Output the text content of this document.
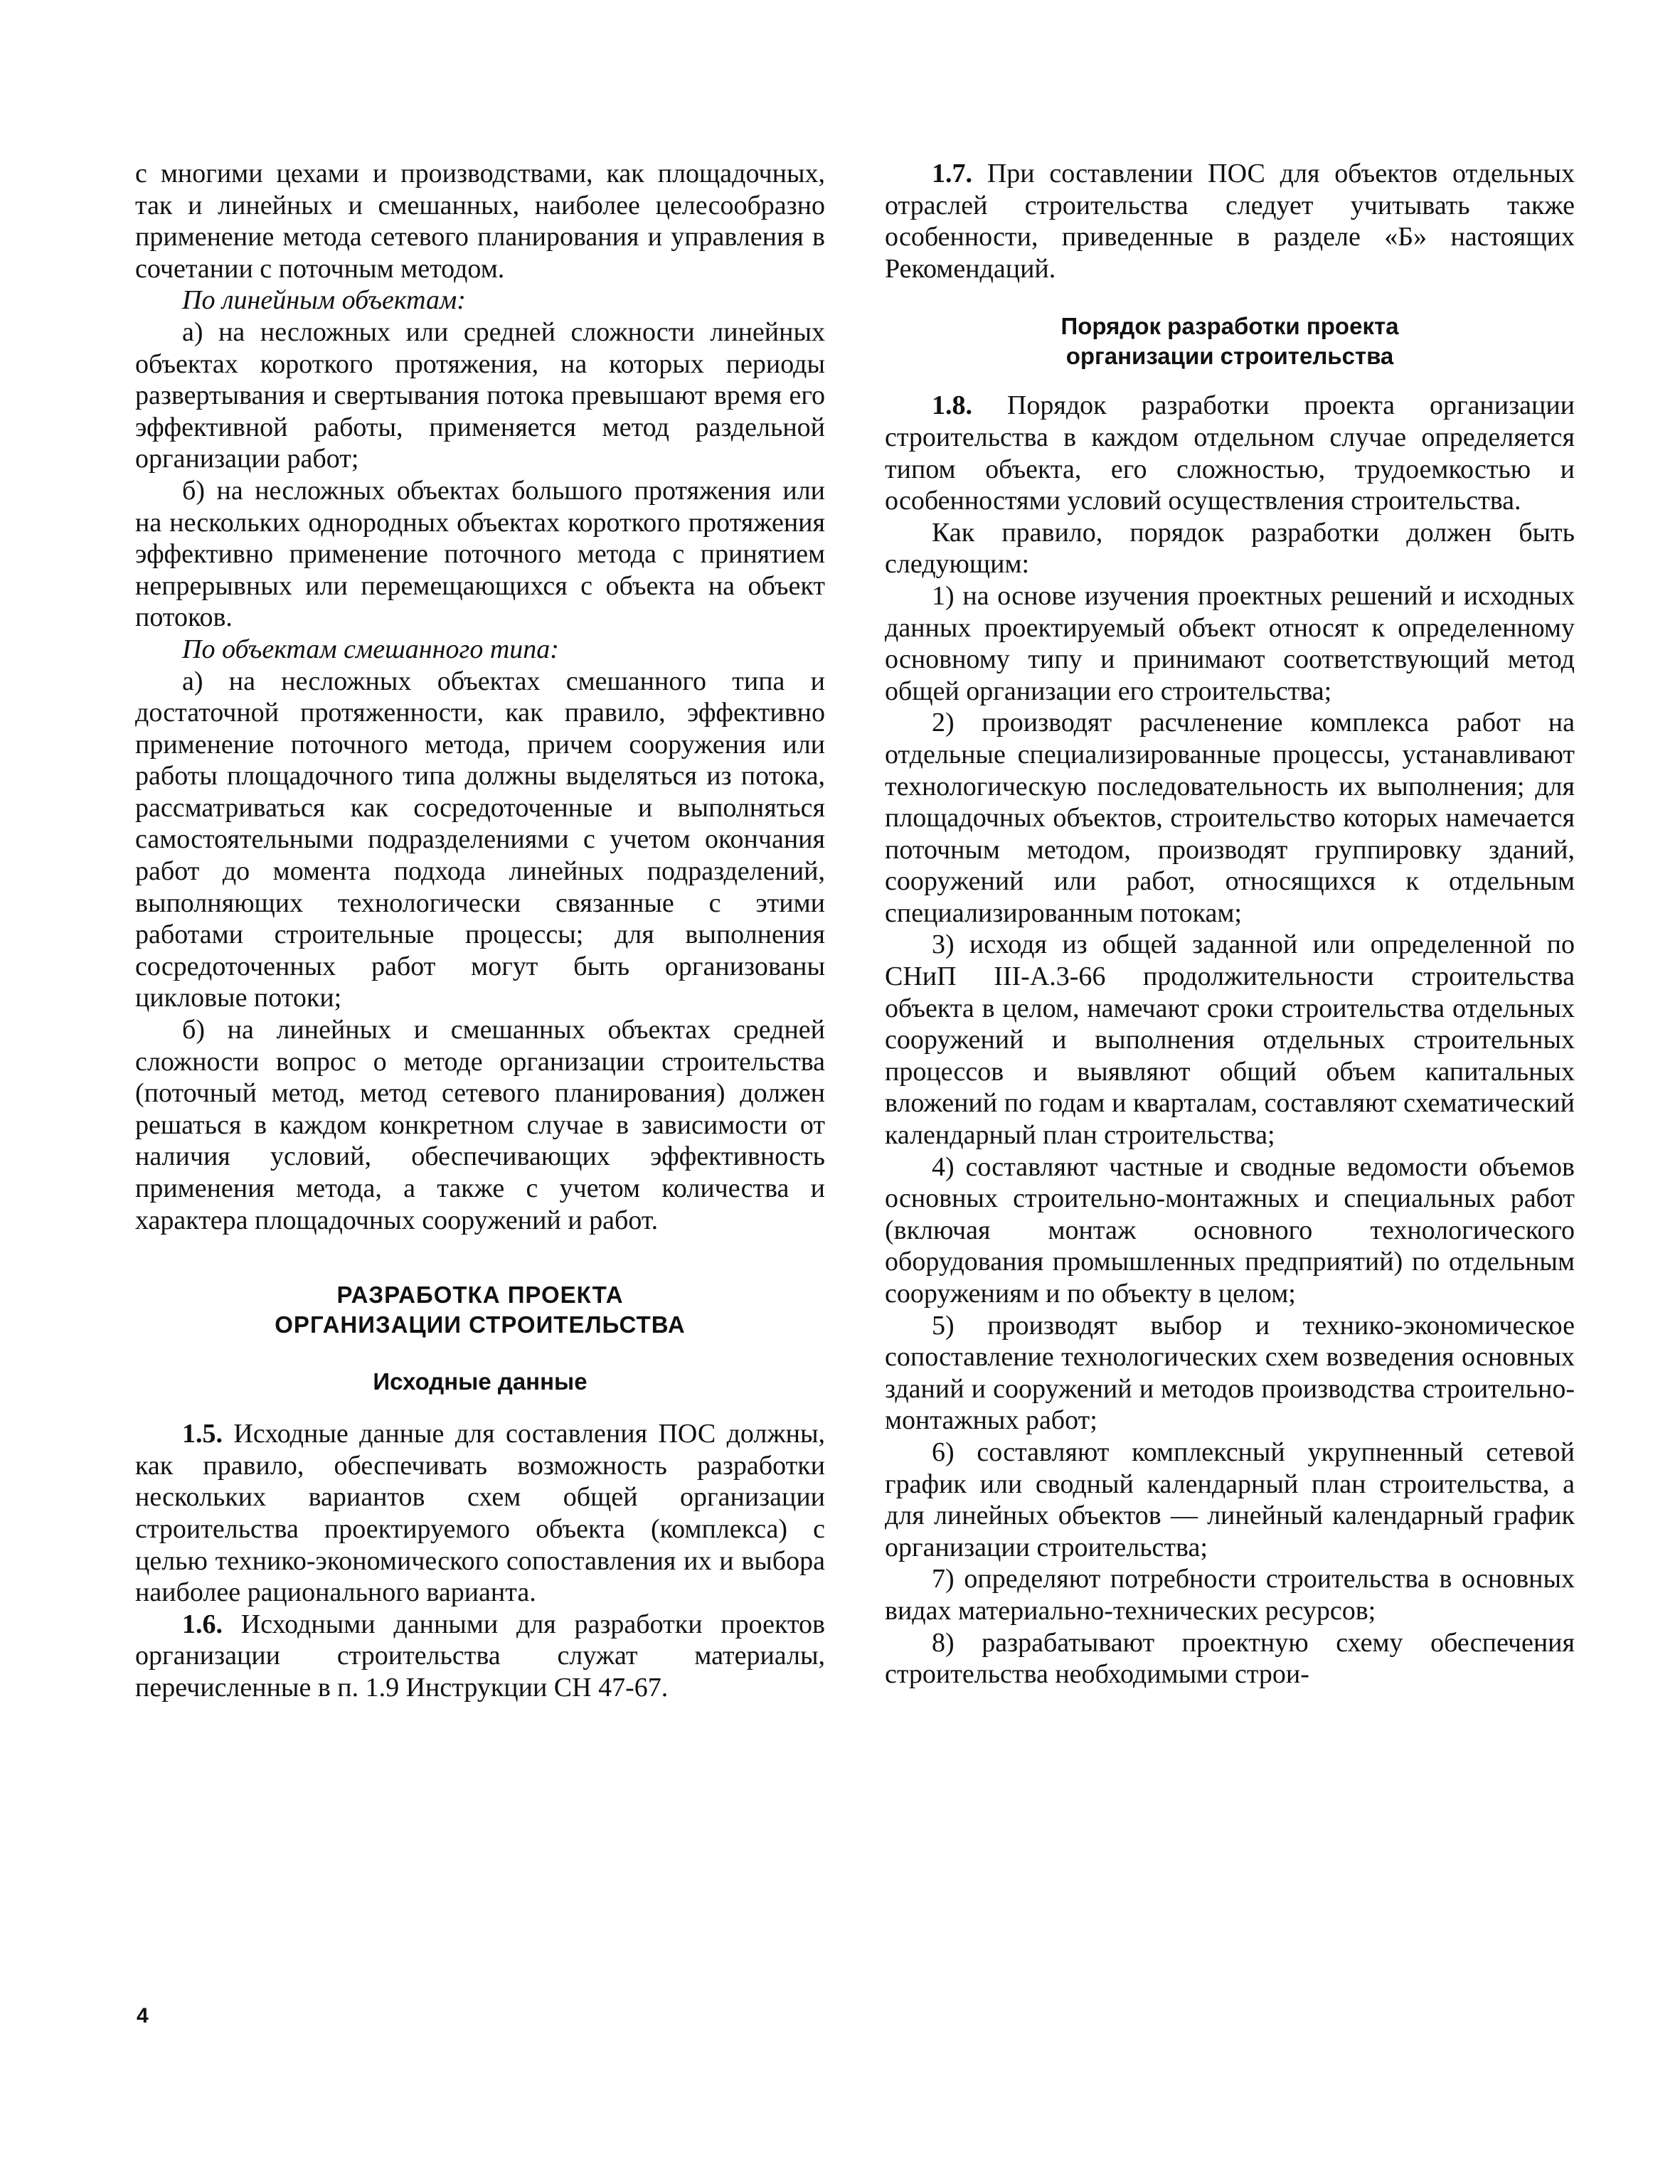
с многими цехами и производствами, как площадочных, так и линейных и смешанных, наиболее целесообразно применение метода сетевого планирования и управления в сочетании с поточным методом.

По линейным объектам:

а) на несложных или средней сложности линейных объектах короткого протяжения, на которых периоды развертывания и свертывания потока превышают время его эффективной работы, применяется метод раздельной организации работ;

б) на несложных объектах большого протяжения или на нескольких однородных объектах короткого протяжения эффективно применение поточного метода с принятием непрерывных или перемещающихся с объекта на объект потоков.

По объектам смешанного типа:

а) на несложных объектах смешанного типа и достаточной протяженности, как правило, эффективно применение поточного метода, причем сооружения или работы площадочного типа должны выделяться из потока, рассматриваться как сосредоточенные и выполняться самостоятельными подразделениями с учетом окончания работ до момента подхода линейных подразделений, выполняющих технологически связанные с этими работами строительные процессы; для выполнения сосредоточенных работ могут быть организованы цикловые потоки;

б) на линейных и смешанных объектах средней сложности вопрос о методе организации строительства (поточный метод, метод сетевого планирования) должен решаться в каждом конкретном случае в зависимости от наличия условий, обеспечивающих эффективность применения метода, а также с учетом количества и характера площадочных сооружений и работ.

РАЗРАБОТКА ПРОЕКТА

ОРГАНИЗАЦИИ СТРОИТЕЛЬСТВА

Исходные данные

1.5. Исходные данные для составления ПОС должны, как правило, обеспечивать возможность разработки нескольких вариантов схем общей организации строительства проектируемого объекта (комплекса) с целью технико-экономического сопоставления их и выбора наиболее рационального варианта.

1.6. Исходными данными для разработки проектов организации строительства служат материалы, перечисленные в п. 1.9 Инструкции СН 47-67.

1.7. При составлении ПОС для объектов отдельных отраслей строительства следует учитывать также особенности, приведенные в разделе «Б» настоящих Рекомендаций.

Порядок разработки проекта

организации строительства

1.8. Порядок разработки проекта организации строительства в каждом отдельном случае определяется типом объекта, его сложностью, трудоемкостью и особенностями условий осуществления строительства.

Как правило, порядок разработки должен быть следующим:

1) на основе изучения проектных решений и исходных данных проектируемый объект относят к определенному основному типу и принимают соответствующий метод общей организации его строительства;

2) производят расчленение комплекса работ на отдельные специализированные процессы, устанавливают технологическую последовательность их выполнения; для площадочных объектов, строительство которых намечается поточным методом, производят группировку зданий, сооружений или работ, относящихся к отдельным специализированным потокам;

3) исходя из общей заданной или определенной по СНиП III-А.3-66 продолжительности строительства объекта в целом, намечают сроки строительства отдельных сооружений и выполнения отдельных строительных процессов и выявляют общий объем капитальных вложений по годам и кварталам, составляют схематический календарный план строительства;

4) составляют частные и сводные ведомости объемов основных строительно-монтажных и специальных работ (включая монтаж основного технологического оборудования промышленных предприятий) по отдельным сооружениям и по объекту в целом;

5) производят выбор и технико-экономическое сопоставление технологических схем возведения основных зданий и сооружений и методов производства строительно-монтажных работ;

6) составляют комплексный укрупненный сетевой график или сводный календарный план строительства, а для линейных объектов — линейный календарный график организации строительства;

7) определяют потребности строительства в основных видах материально-технических ресурсов;

8) разрабатывают проектную схему обеспечения строительства необходимыми строи-

4
